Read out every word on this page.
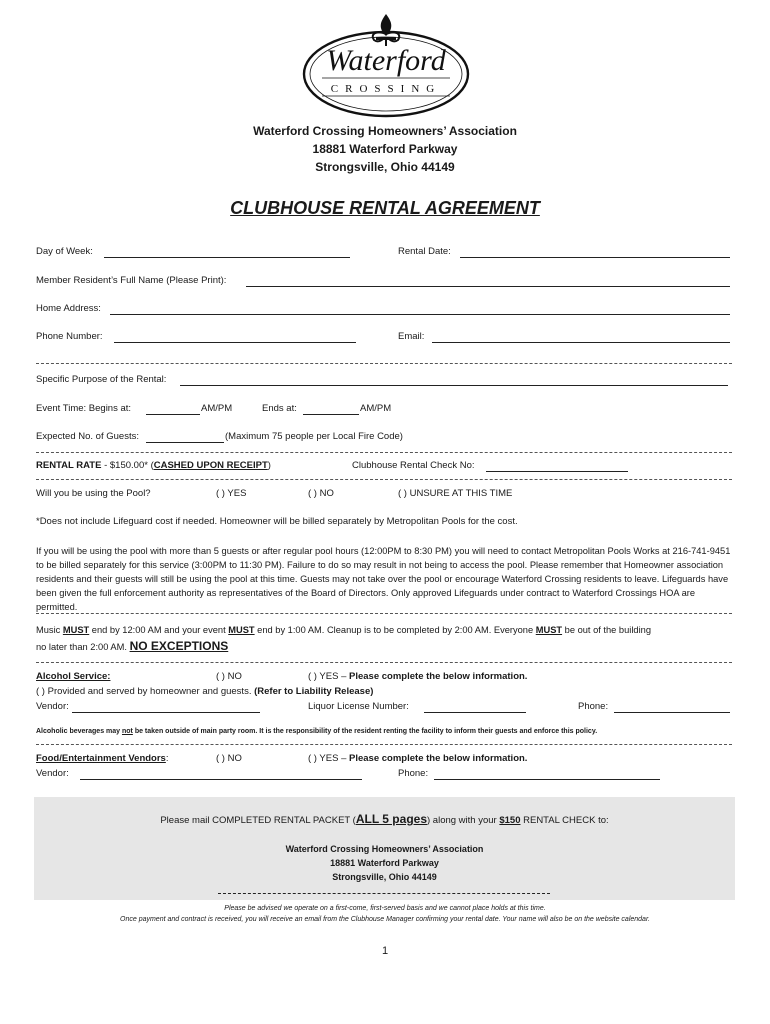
Waterford
CROSSING
Waterford Crossing Homeowners’ Association
18881 Waterford Parkway
Strongsville, Ohio 44149
CLUBHOUSE RENTAL AGREEMENT
Day of Week:	Rental Date:
Member Resident’s Full Name (Please Print):
Home Address:
Phone Number:	Email:
Specific Purpose of the Rental:
Event Time: Begins at:	AM/PM	Ends at:	AM/PM
Expected No. of Guests:	(Maximum 75 people per Local Fire Code)
RENTAL RATE - $150.00* (CASHED UPON RECEIPT)	Clubhouse Rental Check No:
Will you be using the Pool?	( ) YES	( ) NO	( ) UNSURE AT THIS TIME
*Does not include Lifeguard cost if needed. Homeowner will be billed separately by Metropolitan Pools for the cost.
If you will be using the pool with more than 5 guests or after regular pool hours (12:00PM to 8:30 PM) you will need to contact Metropolitan Pools Works at 216-741-9451 to be billed separately for this service (3:00PM to 11:30 PM). Failure to do so may result in not being to access the pool. Please remember that Homeowner association residents and their guests will still be using the pool at this time. Guests may not take over the pool or encourage Waterford Crossing residents to leave. Lifeguards have been given the full enforcement authority as representatives of the Board of Directors. Only approved Lifeguards under contract to Waterford Crossings HOA are permitted.
Music MUST end by 12:00 AM and your event MUST end by 1:00 AM. Cleanup is to be completed by 2:00 AM. Everyone MUST be out of the building
no later than 2:00 AM. NO EXCEPTIONS
Alcohol Service:	( ) NO	( ) YES – Please complete the below information.
( ) Provided and served by homeowner and guests. (Refer to Liability Release)
Vendor:	Liquor License Number:	Phone:
Alcoholic beverages may not be taken outside of main party room. It is the responsibility of the resident renting the facility to inform their guests and enforce this policy.
Food/Entertainment Vendors:	( ) NO	( ) YES – Please complete the below information.
Vendor:	Phone:
Please mail COMPLETED RENTAL PACKET (ALL 5 pages) along with your $150 RENTAL CHECK to:
Waterford Crossing Homeowners’ Association
18881 Waterford Parkway
Strongsville, Ohio 44149
Please be advised we operate on a first-come, first-served basis and we cannot place holds at this time.
Once payment and contract is received, you will receive an email from the Clubhouse Manager confirming your rental date. Your name will also be on the website calendar.
1
